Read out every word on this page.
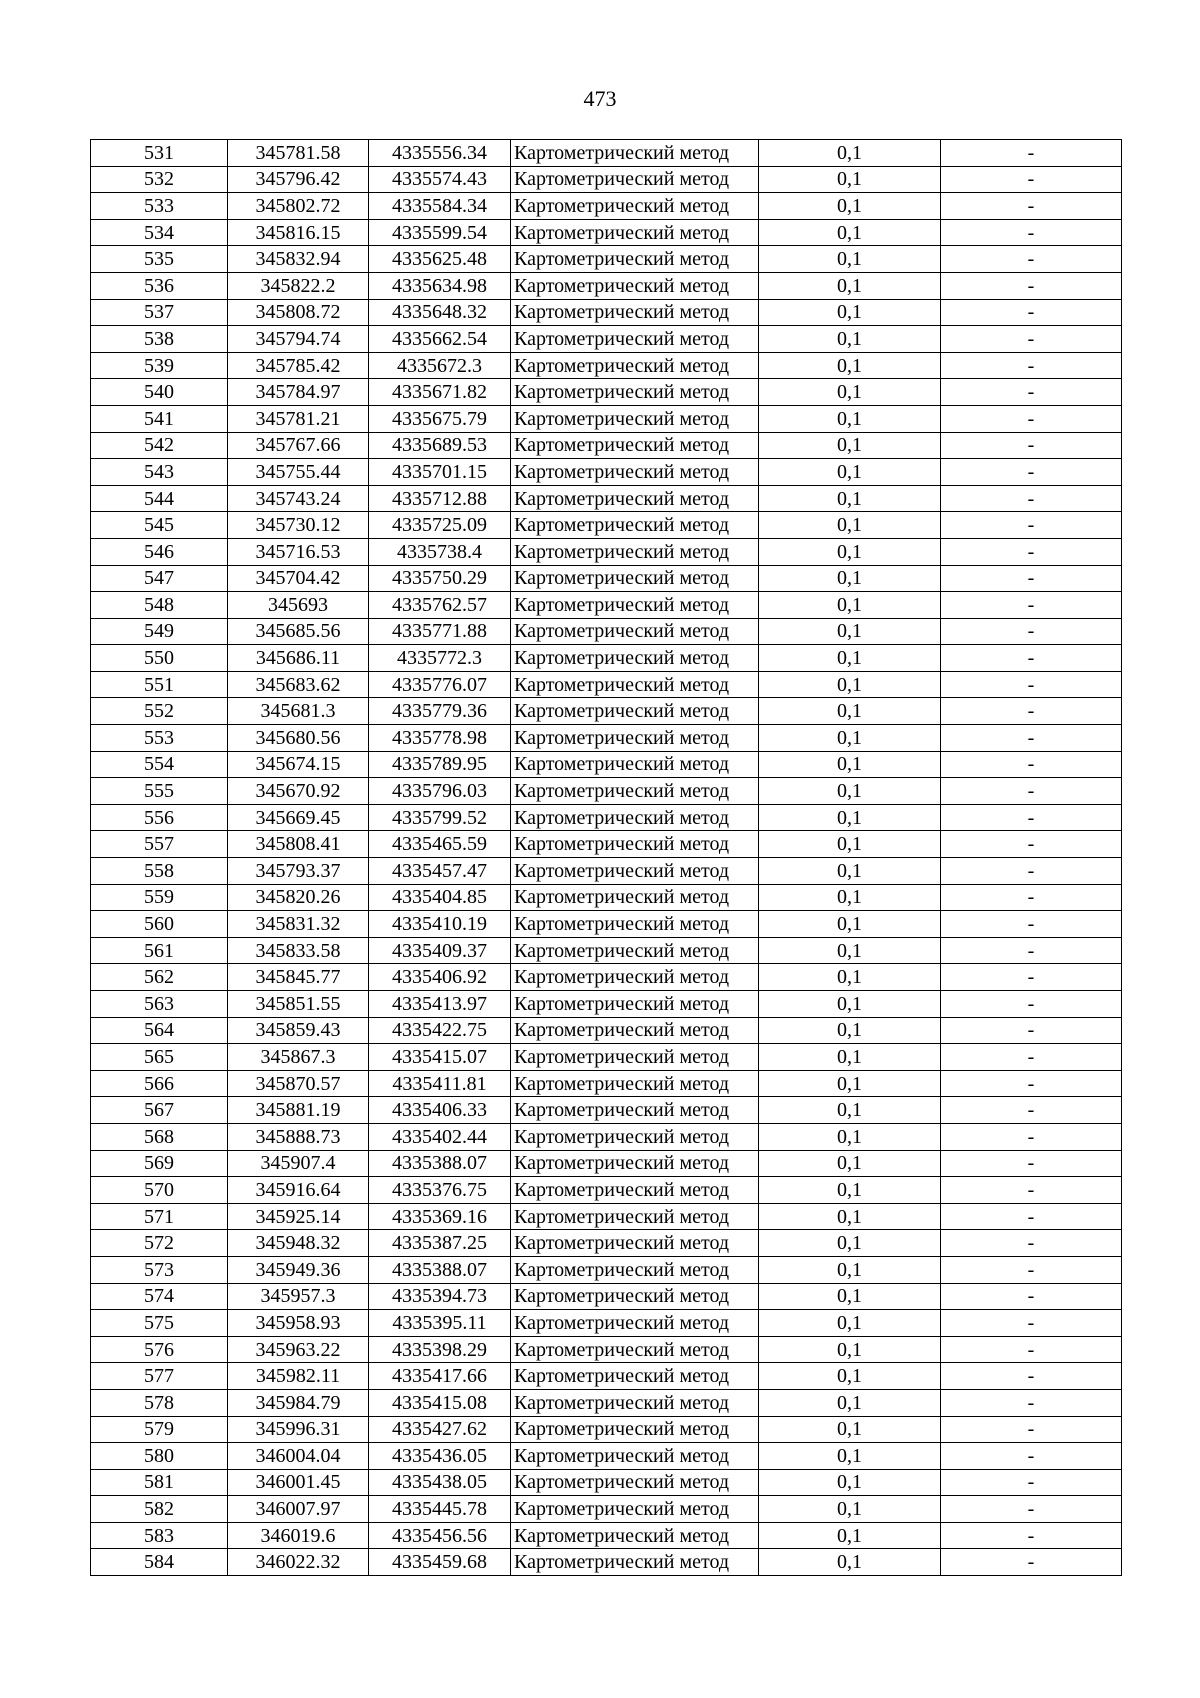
473
531	345781.58	4335556.34	Картометрический метод	0,1	-
532	345796.42	4335574.43	Картометрический метод	0,1	-
533	345802.72	4335584.34	Картометрический метод	0,1	-
534	345816.15	4335599.54	Картометрический метод	0,1	-
535	345832.94	4335625.48	Картометрический метод	0,1	-
536	345822.2	4335634.98	Картометрический метод	0,1	-
537	345808.72	4335648.32	Картометрический метод	0,1	-
538	345794.74	4335662.54	Картометрический метод	0,1	-
539	345785.42	4335672.3	Картометрический метод	0,1	-
540	345784.97	4335671.82	Картометрический метод	0,1	-
541	345781.21	4335675.79	Картометрический метод	0,1	-
542	345767.66	4335689.53	Картометрический метод	0,1	-
543	345755.44	4335701.15	Картометрический метод	0,1	-
544	345743.24	4335712.88	Картометрический метод	0,1	-
545	345730.12	4335725.09	Картометрический метод	0,1	-
546	345716.53	4335738.4	Картометрический метод	0,1	-
547	345704.42	4335750.29	Картометрический метод	0,1	-
548	345693	4335762.57	Картометрический метод	0,1	-
549	345685.56	4335771.88	Картометрический метод	0,1	-
550	345686.11	4335772.3	Картометрический метод	0,1	-
551	345683.62	4335776.07	Картометрический метод	0,1	-
552	345681.3	4335779.36	Картометрический метод	0,1	-
553	345680.56	4335778.98	Картометрический метод	0,1	-
554	345674.15	4335789.95	Картометрический метод	0,1	-
555	345670.92	4335796.03	Картометрический метод	0,1	-
556	345669.45	4335799.52	Картометрический метод	0,1	-
557	345808.41	4335465.59	Картометрический метод	0,1	-
558	345793.37	4335457.47	Картометрический метод	0,1	-
559	345820.26	4335404.85	Картометрический метод	0,1	-
560	345831.32	4335410.19	Картометрический метод	0,1	-
561	345833.58	4335409.37	Картометрический метод	0,1	-
562	345845.77	4335406.92	Картометрический метод	0,1	-
563	345851.55	4335413.97	Картометрический метод	0,1	-
564	345859.43	4335422.75	Картометрический метод	0,1	-
565	345867.3	4335415.07	Картометрический метод	0,1	-
566	345870.57	4335411.81	Картометрический метод	0,1	-
567	345881.19	4335406.33	Картометрический метод	0,1	-
568	345888.73	4335402.44	Картометрический метод	0,1	-
569	345907.4	4335388.07	Картометрический метод	0,1	-
570	345916.64	4335376.75	Картометрический метод	0,1	-
571	345925.14	4335369.16	Картометрический метод	0,1	-
572	345948.32	4335387.25	Картометрический метод	0,1	-
573	345949.36	4335388.07	Картометрический метод	0,1	-
574	345957.3	4335394.73	Картометрический метод	0,1	-
575	345958.93	4335395.11	Картометрический метод	0,1	-
576	345963.22	4335398.29	Картометрический метод	0,1	-
577	345982.11	4335417.66	Картометрический метод	0,1	-
578	345984.79	4335415.08	Картометрический метод	0,1	-
579	345996.31	4335427.62	Картометрический метод	0,1	-
580	346004.04	4335436.05	Картометрический метод	0,1	-
581	346001.45	4335438.05	Картометрический метод	0,1	-
582	346007.97	4335445.78	Картометрический метод	0,1	-
583	346019.6	4335456.56	Картометрический метод	0,1	-
584	346022.32	4335459.68	Картометрический метод	0,1	-
